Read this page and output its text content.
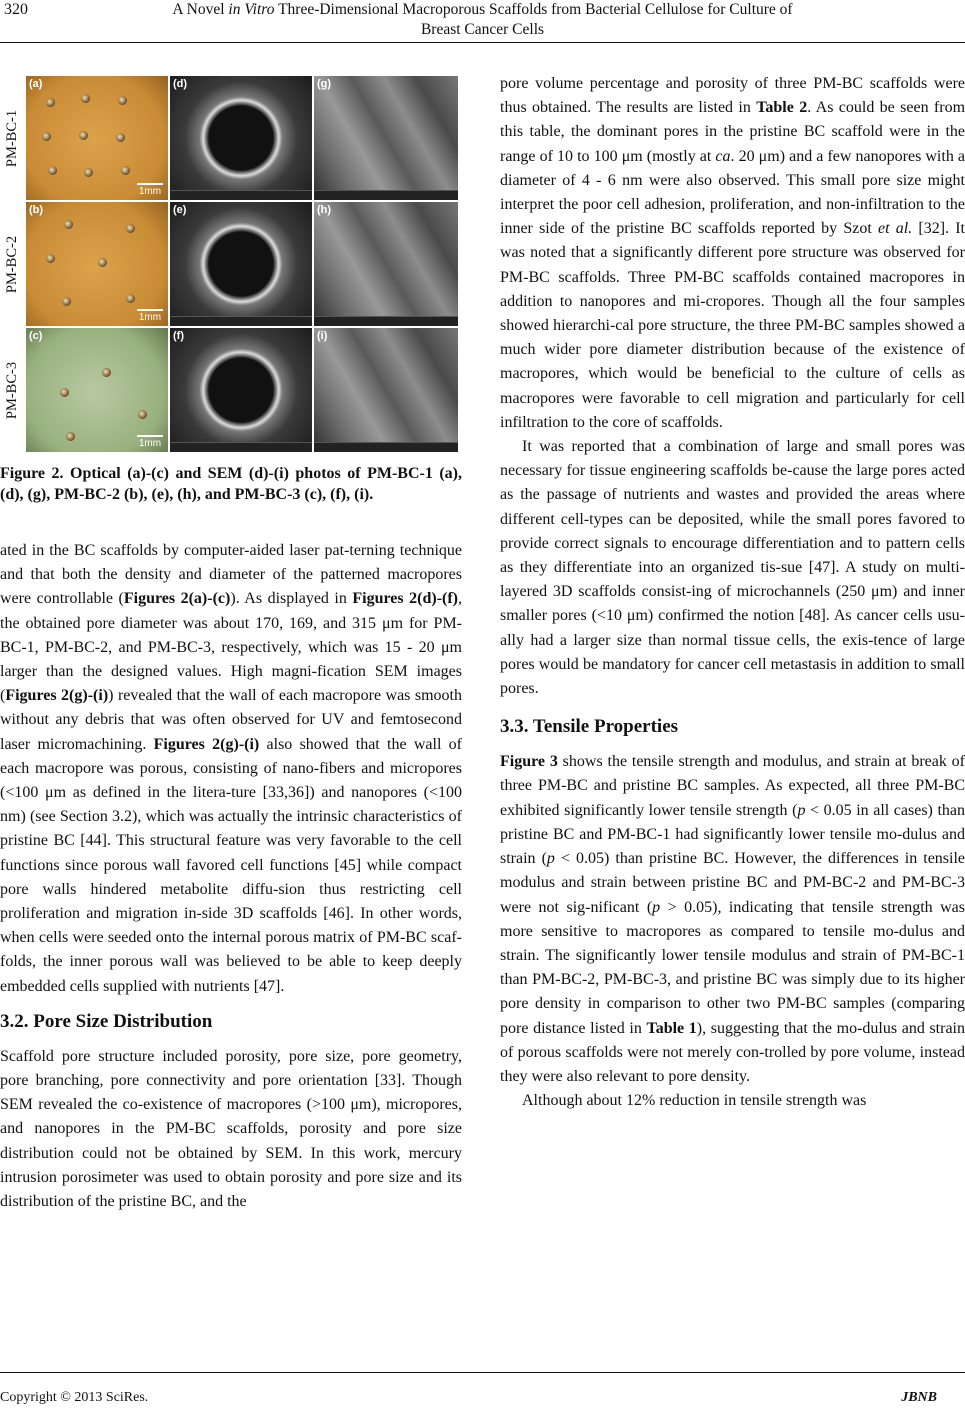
320	A Novel in Vitro Three-Dimensional Macroporous Scaffolds from Bacterial Cellulose for Culture of
Breast Cancer Cells
PM-BC-1
PM-BC-2
PM-BC-3
(a)
1mm
(b)
1mm
(c)
1mm
(d)
(e)
(f)
(g)
(h)
(i)
Figure 2. Optical (a)-(c) and SEM (d)-(i) photos of PM-BC-1 (a), (d), (g), PM-BC-2 (b), (e), (h), and PM-BC-3 (c), (f), (i).

ated in the BC scaffolds by computer-aided laser pat-terning technique and that both the density and diameter of the patterned macropores were controllable (Figures 2(a)-(c)). As displayed in Figures 2(d)-(f), the obtained pore diameter was about 170, 169, and 315 μm for PM-BC-1, PM-BC-2, and PM-BC-3, respectively, which was 15 - 20 μm larger than the designed values. High magni-fication SEM images (Figures 2(g)-(i)) revealed that the wall of each macropore was smooth without any debris that was often observed for UV and femtosecond laser micromachining. Figures 2(g)-(i) also showed that the wall of each macropore was porous, consisting of nano-fibers and micropores (<100 μm as defined in the litera-ture [33,36]) and nanopores (<100 nm) (see Section 3.2), which was actually the intrinsic characteristics of pristine BC [44]. This structural feature was very favorable to the cell functions since porous wall favored cell functions [45] while compact pore walls hindered metabolite diffu-sion thus restricting cell proliferation and migration in-side 3D scaffolds [46]. In other words, when cells were seeded onto the internal porous matrix of PM-BC scaf-folds, the inner porous wall was believed to be able to keep deeply embedded cells supplied with nutrients [47].

3.2. Pore Size Distribution

Scaffold pore structure included porosity, pore size, pore geometry, pore branching, pore connectivity and pore orientation [33]. Though SEM revealed the co-existence of macropores (>100 μm), micropores, and nanopores in the PM-BC scaffolds, porosity and pore size distribution could not be obtained by SEM. In this work, mercury intrusion porosimeter was used to obtain porosity and pore size and its distribution of the pristine BC, and the

pore volume percentage and porosity of three PM-BC scaffolds were thus obtained. The results are listed in Table 2. As could be seen from this table, the dominant pores in the pristine BC scaffold were in the range of 10 to 100 μm (mostly at ca. 20 μm) and a few nanopores with a diameter of 4 - 6 nm were also observed. This small pore size might interpret the poor cell adhesion, proliferation, and non-infiltration to the inner side of the pristine BC scaffolds reported by Szot et al. [32]. It was noted that a significantly different pore structure was observed for PM-BC scaffolds. Three PM-BC scaffolds contained macropores in addition to nanopores and mi-cropores. Though all the four samples showed hierarchi-cal pore structure, the three PM-BC samples showed a much wider pore diameter distribution because of the existence of macropores, which would be beneficial to the culture of cells as macropores were favorable to cell migration and particularly for cell infiltration to the core of scaffolds.

It was reported that a combination of large and small pores was necessary for tissue engineering scaffolds be-cause the large pores acted as the passage of nutrients and wastes and provided the areas where different cell-types can be deposited, while the small pores favored to provide correct signals to encourage differentiation and to pattern cells as they differentiate into an organized tis-sue [47]. A study on multi-layered 3D scaffolds consist-ing of microchannels (250 μm) and inner smaller pores (<10 μm) confirmed the notion [48]. As cancer cells usu-ally had a larger size than normal tissue cells, the exis-tence of large pores would be mandatory for cancer cell metastasis in addition to small pores.

3.3. Tensile Properties

Figure 3 shows the tensile strength and modulus, and strain at break of three PM-BC and pristine BC samples. As expected, all three PM-BC exhibited significantly lower tensile strength (p < 0.05 in all cases) than pristine BC and PM-BC-1 had significantly lower tensile mo-dulus and strain (p < 0.05) than pristine BC. However, the differences in tensile modulus and strain between pristine BC and PM-BC-2 and PM-BC-3 were not sig-nificant (p > 0.05), indicating that tensile strength was more sensitive to macropores as compared to tensile mo-dulus and strain. The significantly lower tensile modulus and strain of PM-BC-1 than PM-BC-2, PM-BC-3, and pristine BC was simply due to its higher pore density in comparison to other two PM-BC samples (comparing pore distance listed in Table 1), suggesting that the mo-dulus and strain of porous scaffolds were not merely con-trolled by pore volume, instead they were also relevant to pore density.

Although about 12% reduction in tensile strength was

Copyright © 2013 SciRes.	JBNB
